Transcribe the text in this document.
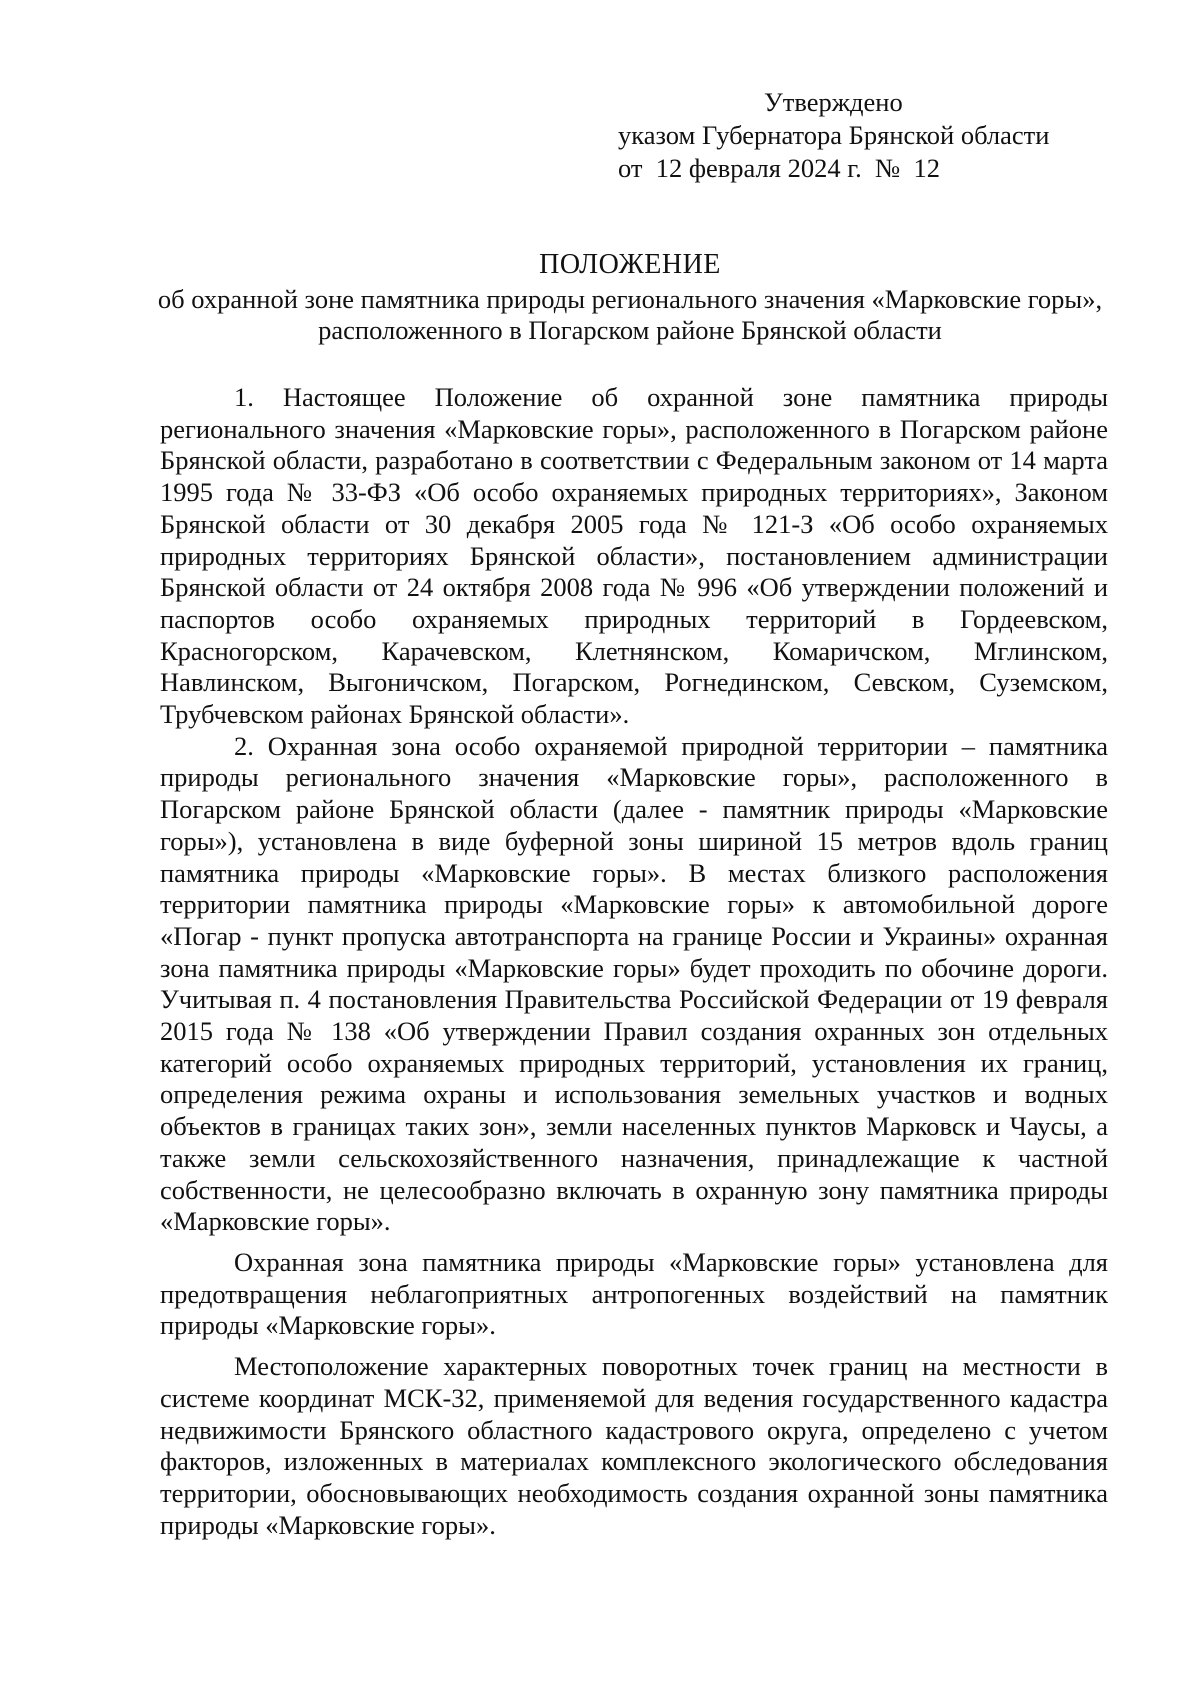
Утверждено
указом Губернатора Брянской области
от  12 февраля 2024 г.  №  12
ПОЛОЖЕНИЕ

об охранной зоне памятника природы регионального значения «Марковские горы», расположенного в Погарском районе Брянской области

1. Настоящее Положение об охранной зоне памятника природы регионального значения «Марковские горы», расположенного в Погарском районе Брянской области, разработано в соответствии с Федеральным законом от 14 марта 1995 года № 33-ФЗ «Об особо охраняемых природных территориях», Законом Брянской области от 30 декабря 2005 года № 121-З «Об особо охраняемых природных территориях Брянской области», постановлением администрации Брянской области от 24 октября 2008 года № 996 «Об утверждении положений и паспортов особо охраняемых природных территорий в Гордеевском, Красногорском, Карачевском, Клетнянском, Комаричском, Мглинском, Навлинском, Выгоничском, Погарском, Рогнединском, Севском, Суземском, Трубчевском районах Брянской области».

2. Охранная зона особо охраняемой природной территории – памятника природы регионального значения «Марковские горы», расположенного в Погарском районе Брянской области (далее - памятник природы «Марковские горы»), установлена в виде буферной зоны шириной 15 метров вдоль границ памятника природы «Марковские горы». В местах близкого расположения территории памятника природы «Марковские горы» к автомобильной дороге «Погар - пункт пропуска автотранспорта на границе России и Украины» охранная зона памятника природы «Марковские горы» будет проходить по обочине дороги. Учитывая п. 4 постановления Правительства Российской Федерации от 19 февраля 2015 года № 138 «Об утверждении Правил создания охранных зон отдельных категорий особо охраняемых природных территорий, установления их границ, определения режима охраны и использования земельных участков и водных объектов в границах таких зон», земли населенных пунктов Марковск и Чаусы, а также земли сельскохозяйственного назначения, принадлежащие к частной собственности, не целесообразно включать в охранную зону памятника природы «Марковские горы».

Охранная зона памятника природы «Марковские горы» установлена для предотвращения неблагоприятных антропогенных воздействий на памятник природы «Марковские горы».

Местоположение характерных поворотных точек границ на местности в системе координат МСК-32, применяемой для ведения государственного кадастра недвижимости Брянского областного кадастрового округа, определено с учетом факторов, изложенных в материалах комплексного экологического обследования территории, обосновывающих необходимость создания охранной зоны памятника природы «Марковские горы».
